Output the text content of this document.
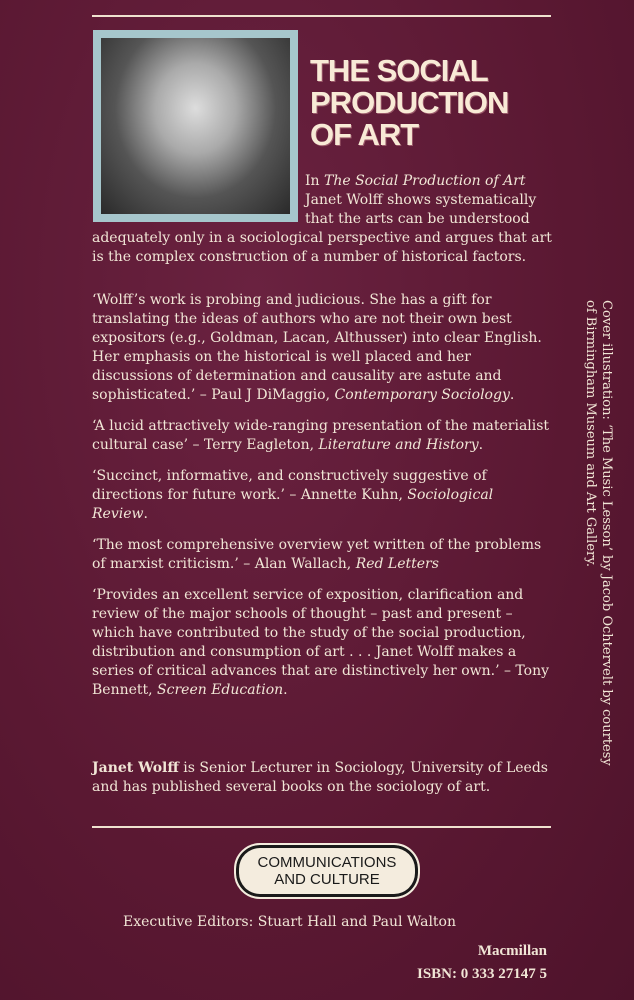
THE SOCIAL
PRODUCTION
OF ART

In The Social Production of Art Janet Wolff shows systematically that the arts can be understood adequately only in a sociological perspective and argues that art is the complex construction of a number of historical factors.

‘Wolff’s work is probing and judicious. She has a gift for translating the ideas of authors who are not their own best expositors (e.g., Goldman, Lacan, Althusser) into clear English. Her emphasis on the historical is well placed and her discussions of determination and causality are astute and sophisticated.’ – Paul J DiMaggio, Contemporary Sociology.

‘A lucid attractively wide-ranging presentation of the materialist cultural case’ – Terry Eagleton, Literature and History.

‘Succinct, informative, and constructively suggestive of directions for future work.’ – Annette Kuhn, Sociological Review.

‘The most comprehensive overview yet written of the problems of marxist criticism.’ – Alan Wallach, Red Letters

‘Provides an excellent service of exposition, clarification and review of the major schools of thought – past and present – which have contributed to the study of the social production, distribution and consumption of art . . . Janet Wolff makes a series of critical advances that are distinctively her own.’ – Tony Bennett, Screen Education.

Janet Wolff is Senior Lecturer in Sociology, University of Leeds and has published several books on the sociology of art.

COMMUNICATIONS
AND CULTURE
Executive Editors: Stuart Hall and Paul Walton
Macmillan
ISBN: 0 333 27147 5
Cover illustration: ‘The Music Lesson’ by Jacob Ochtervelt by courtesy of Birmingham Museum and Art Gallery.
